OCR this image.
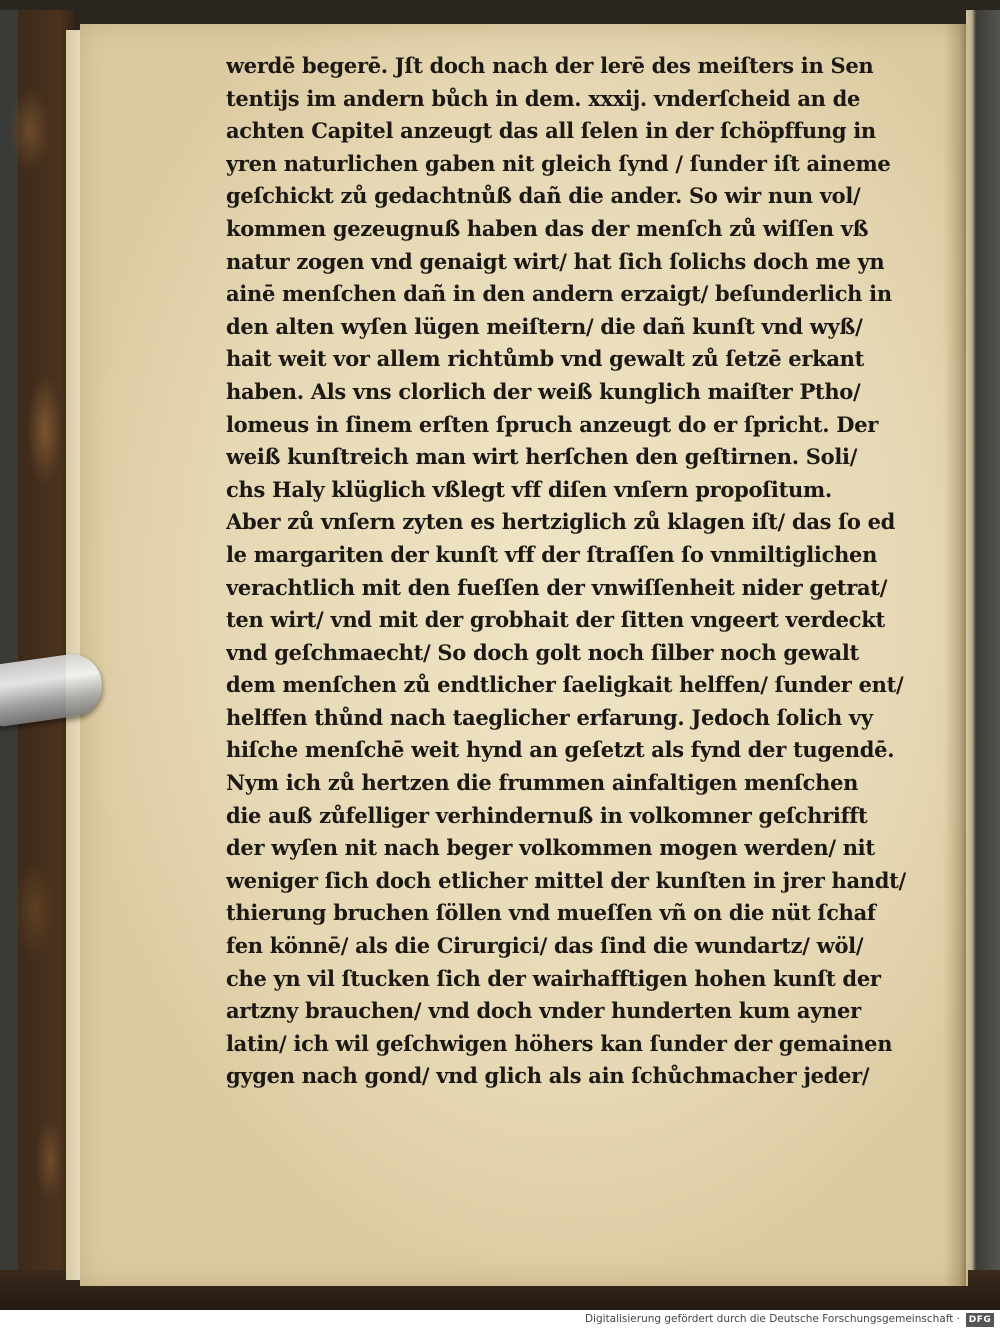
werdē begerē. Jſt doch nach der lerē des meiſters in Sen
tentijs im andern bůch in dem. xxxij. vnderſcheid an de
achten Capitel anzeugt das all ſelen in der ſchöpffung in
yren naturlichen gaben nit gleich ſynd / ſunder iſt aineme
geſchickt zů gedachtnůß dañ die ander. So wir nun vol/
kommen gezeugnuß haben das der menſch zů wiſſen vß
natur zogen vnd genaigt wirt/ hat ſich ſolichs doch me yn
ainē menſchen dañ in den andern erzaigt/ beſunderlich in
den alten wyſen lügen meiſtern/ die dañ kunſt vnd wyß/
hait weit vor allem richtůmb vnd gewalt zů ſetzē erkant
haben. Als vns clorlich der weiß kunglich maiſter Ptho/
lomeus in ſinem erſten ſpruch anzeugt do er ſpricht. Der
weiß kunſtreich man wirt herſchen den geſtirnen. Soli/
chs Haly klüglich vßlegt vff diſen vnſern propoſitum.
Aber zů vnſern zyten es hertziglich zů klagen iſt/ das ſo ed
le margariten der kunſt vff der ſtraſſen ſo vnmiltiglichen
verachtlich mit den fueſſen der vnwiſſenheit nider getrat/
ten wirt/ vnd mit der grobhait der ſitten vngeert verdeckt
vnd geſchmaecht/ So doch golt noch ſilber noch gewalt
dem menſchen zů endtlicher ſaeligkait helffen/ ſunder ent/
helffen thůnd nach taeglicher erfarung. Jedoch ſolich vy
hiſche menſchē weit hynd an geſetzt als fynd der tugendē.
Nym ich zů hertzen die frummen ainfaltigen menſchen
die auß zůfelliger verhindernuß in volkomner geſchrifft
der wyſen nit nach beger volkommen mogen werden/ nit
weniger ſich doch etlicher mittel der kunſten in jrer handt/
thierung bruchen ſöllen vnd mueſſen vñ on die nüt ſchaf
fen könnē/ als die Cirurgici/ das ſind die wundartz/ wöl/
che yn vil ſtucken ſich der wairhafftigen hohen kunſt der
artzny brauchen/ vnd doch vnder hunderten kum ayner
latin/ ich wil geſchwigen höhers kan ſunder der gemainen
gygen nach gond/ vnd glich als ain ſchůchmacher jeder/
Digitalisierung gefördert durch die Deutsche Forschungsgemeinschaft · DFG
